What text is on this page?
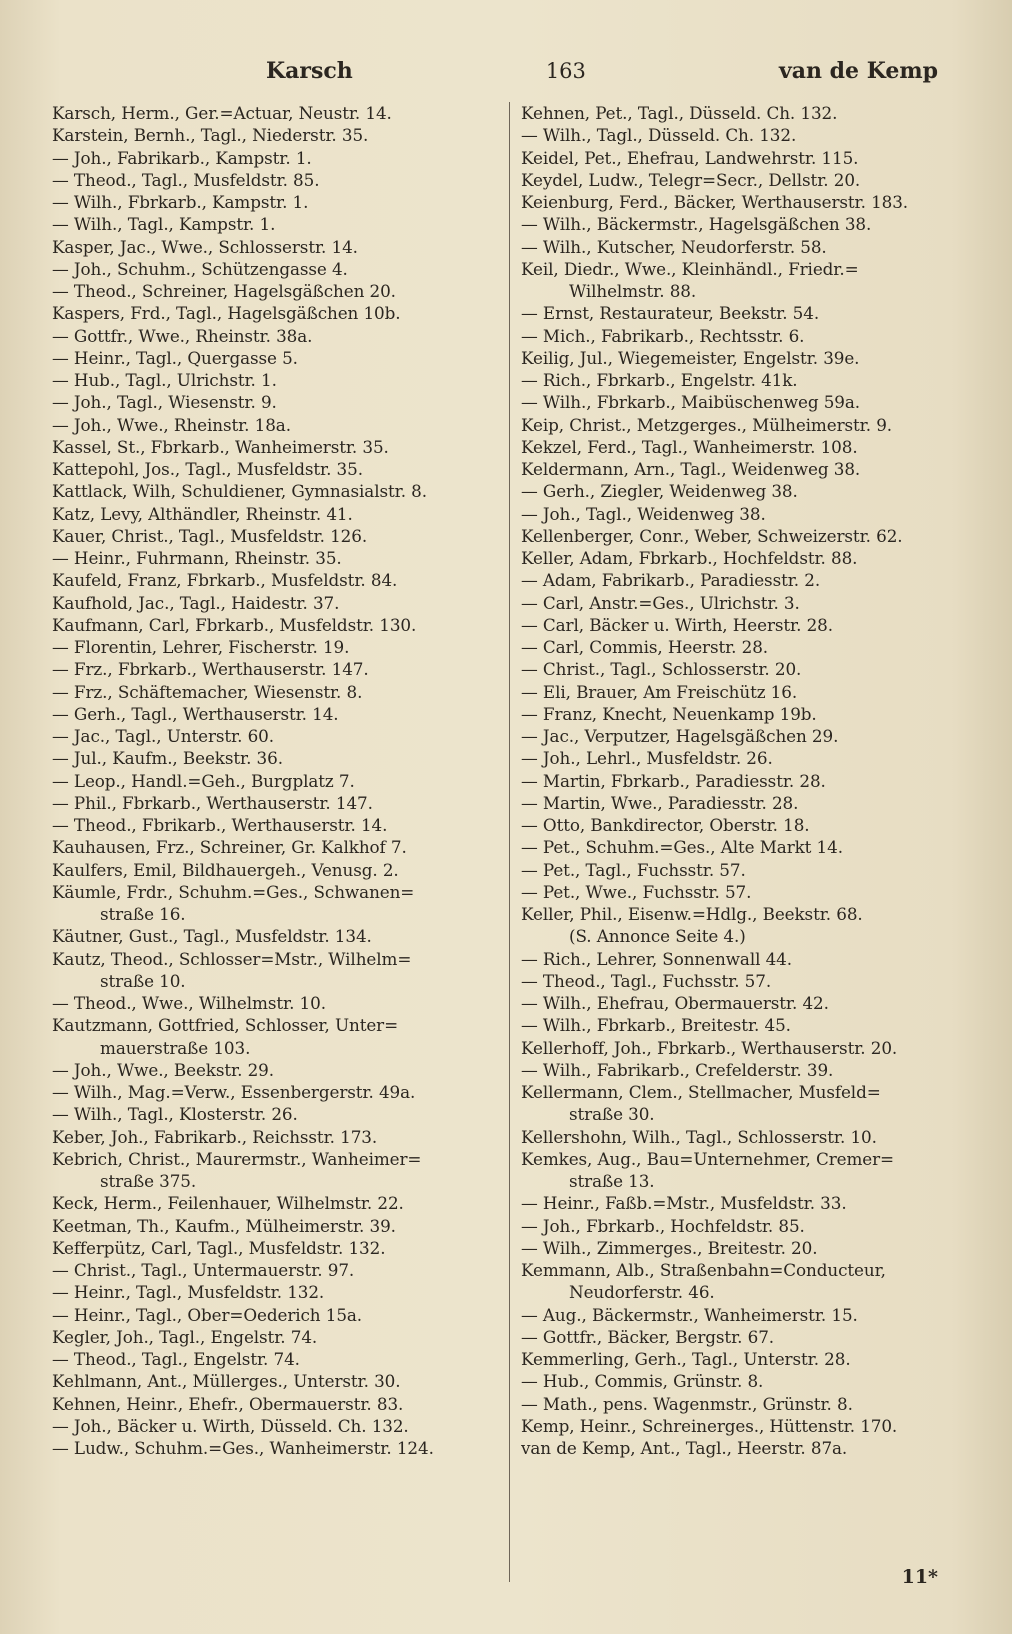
Karsch	163	van de Kemp
Karsch, Herm., Ger.=Actuar, Neustr. 14.
Karstein, Bernh., Tagl., Niederstr. 35.
— Joh., Fabrikarb., Kampstr. 1.
— Theod., Tagl., Musfeldstr. 85.
— Wilh., Fbrkarb., Kampstr. 1.
— Wilh., Tagl., Kampstr. 1.
Kasper, Jac., Wwe., Schlosserstr. 14.
— Joh., Schuhm., Schützengasse 4.
— Theod., Schreiner, Hagelsgäßchen 20.
Kaspers, Frd., Tagl., Hagelsgäßchen 10b.
— Gottfr., Wwe., Rheinstr. 38a.
— Heinr., Tagl., Quergasse 5.
— Hub., Tagl., Ulrichstr. 1.
— Joh., Tagl., Wiesenstr. 9.
— Joh., Wwe., Rheinstr. 18a.
Kassel, St., Fbrkarb., Wanheimerstr. 35.
Kattepohl, Jos., Tagl., Musfeldstr. 35.
Kattlack, Wilh, Schuldiener, Gymnasialstr. 8.
Katz, Levy, Althändler, Rheinstr. 41.
Kauer, Christ., Tagl., Musfeldstr. 126.
— Heinr., Fuhrmann, Rheinstr. 35.
Kaufeld, Franz, Fbrkarb., Musfeldstr. 84.
Kaufhold, Jac., Tagl., Haidestr. 37.
Kaufmann, Carl, Fbrkarb., Musfeldstr. 130.
— Florentin, Lehrer, Fischerstr. 19.
— Frz., Fbrkarb., Werthauserstr. 147.
— Frz., Schäftemacher, Wiesenstr. 8.
— Gerh., Tagl., Werthauserstr. 14.
— Jac., Tagl., Unterstr. 60.
— Jul., Kaufm., Beekstr. 36.
— Leop., Handl.=Geh., Burgplatz 7.
— Phil., Fbrkarb., Werthauserstr. 147.
— Theod., Fbrikarb., Werthauserstr. 14.
Kauhausen, Frz., Schreiner, Gr. Kalkhof 7.
Kaulfers, Emil, Bildhauergeh., Venusg. 2.
Käumle, Frdr., Schuhm.=Ges., Schwanen=
straße 16.
Käutner, Gust., Tagl., Musfeldstr. 134.
Kautz, Theod., Schlosser=Mstr., Wilhelm=
straße 10.
— Theod., Wwe., Wilhelmstr. 10.
Kautzmann, Gottfried, Schlosser, Unter=
mauerstraße 103.
— Joh., Wwe., Beekstr. 29.
— Wilh., Mag.=Verw., Essenbergerstr. 49a.
— Wilh., Tagl., Klosterstr. 26.
Keber, Joh., Fabrikarb., Reichsstr. 173.
Kebrich, Christ., Maurermstr., Wanheimer=
straße 375.
Keck, Herm., Feilenhauer, Wilhelmstr. 22.
Keetman, Th., Kaufm., Mülheimerstr. 39.
Kefferpütz, Carl, Tagl., Musfeldstr. 132.
— Christ., Tagl., Untermauerstr. 97.
— Heinr., Tagl., Musfeldstr. 132.
— Heinr., Tagl., Ober=Oederich 15a.
Kegler, Joh., Tagl., Engelstr. 74.
— Theod., Tagl., Engelstr. 74.
Kehlmann, Ant., Müllerges., Unterstr. 30.
Kehnen, Heinr., Ehefr., Obermauerstr. 83.
— Joh., Bäcker u. Wirth, Düsseld. Ch. 132.
— Ludw., Schuhm.=Ges., Wanheimerstr. 124.
Kehnen, Pet., Tagl., Düsseld. Ch. 132.
— Wilh., Tagl., Düsseld. Ch. 132.
Keidel, Pet., Ehefrau, Landwehrstr. 115.
Keydel, Ludw., Telegr=Secr., Dellstr. 20.
Keienburg, Ferd., Bäcker, Werthauserstr. 183.
— Wilh., Bäckermstr., Hagelsgäßchen 38.
— Wilh., Kutscher, Neudorferstr. 58.
Keil, Diedr., Wwe., Kleinhändl., Friedr.=
Wilhelmstr. 88.
— Ernst, Restaurateur, Beekstr. 54.
— Mich., Fabrikarb., Rechtsstr. 6.
Keilig, Jul., Wiegemeister, Engelstr. 39e.
— Rich., Fbrkarb., Engelstr. 41k.
— Wilh., Fbrkarb., Maibüschenweg 59a.
Keip, Christ., Metzgerges., Mülheimerstr. 9.
Kekzel, Ferd., Tagl., Wanheimerstr. 108.
Keldermann, Arn., Tagl., Weidenweg 38.
— Gerh., Ziegler, Weidenweg 38.
— Joh., Tagl., Weidenweg 38.
Kellenberger, Conr., Weber, Schweizerstr. 62.
Keller, Adam, Fbrkarb., Hochfeldstr. 88.
— Adam, Fabrikarb., Paradiesstr. 2.
— Carl, Anstr.=Ges., Ulrichstr. 3.
— Carl, Bäcker u. Wirth, Heerstr. 28.
— Carl, Commis, Heerstr. 28.
— Christ., Tagl., Schlosserstr. 20.
— Eli, Brauer, Am Freischütz 16.
— Franz, Knecht, Neuenkamp 19b.
— Jac., Verputzer, Hagelsgäßchen 29.
— Joh., Lehrl., Musfeldstr. 26.
— Martin, Fbrkarb., Paradiesstr. 28.
— Martin, Wwe., Paradiesstr. 28.
— Otto, Bankdirector, Oberstr. 18.
— Pet., Schuhm.=Ges., Alte Markt 14.
— Pet., Tagl., Fuchsstr. 57.
— Pet., Wwe., Fuchsstr. 57.
Keller, Phil., Eisenw.=Hdlg., Beekstr. 68.
(S. Annonce Seite 4.)
— Rich., Lehrer, Sonnenwall 44.
— Theod., Tagl., Fuchsstr. 57.
— Wilh., Ehefrau, Obermauerstr. 42.
— Wilh., Fbrkarb., Breitestr. 45.
Kellerhoff, Joh., Fbrkarb., Werthauserstr. 20.
— Wilh., Fabrikarb., Crefelderstr. 39.
Kellermann, Clem., Stellmacher, Musfeld=
straße 30.
Kellershohn, Wilh., Tagl., Schlosserstr. 10.
Kemkes, Aug., Bau=Unternehmer, Cremer=
straße 13.
— Heinr., Faßb.=Mstr., Musfeldstr. 33.
— Joh., Fbrkarb., Hochfeldstr. 85.
— Wilh., Zimmerges., Breitestr. 20.
Kemmann, Alb., Straßenbahn=Conducteur,
Neudorferstr. 46.
— Aug., Bäckermstr., Wanheimerstr. 15.
— Gottfr., Bäcker, Bergstr. 67.
Kemmerling, Gerh., Tagl., Unterstr. 28.
— Hub., Commis, Grünstr. 8.
— Math., pens. Wagenmstr., Grünstr. 8.
Kemp, Heinr., Schreinerges., Hüttenstr. 170.
van de Kemp, Ant., Tagl., Heerstr. 87a.
11*
